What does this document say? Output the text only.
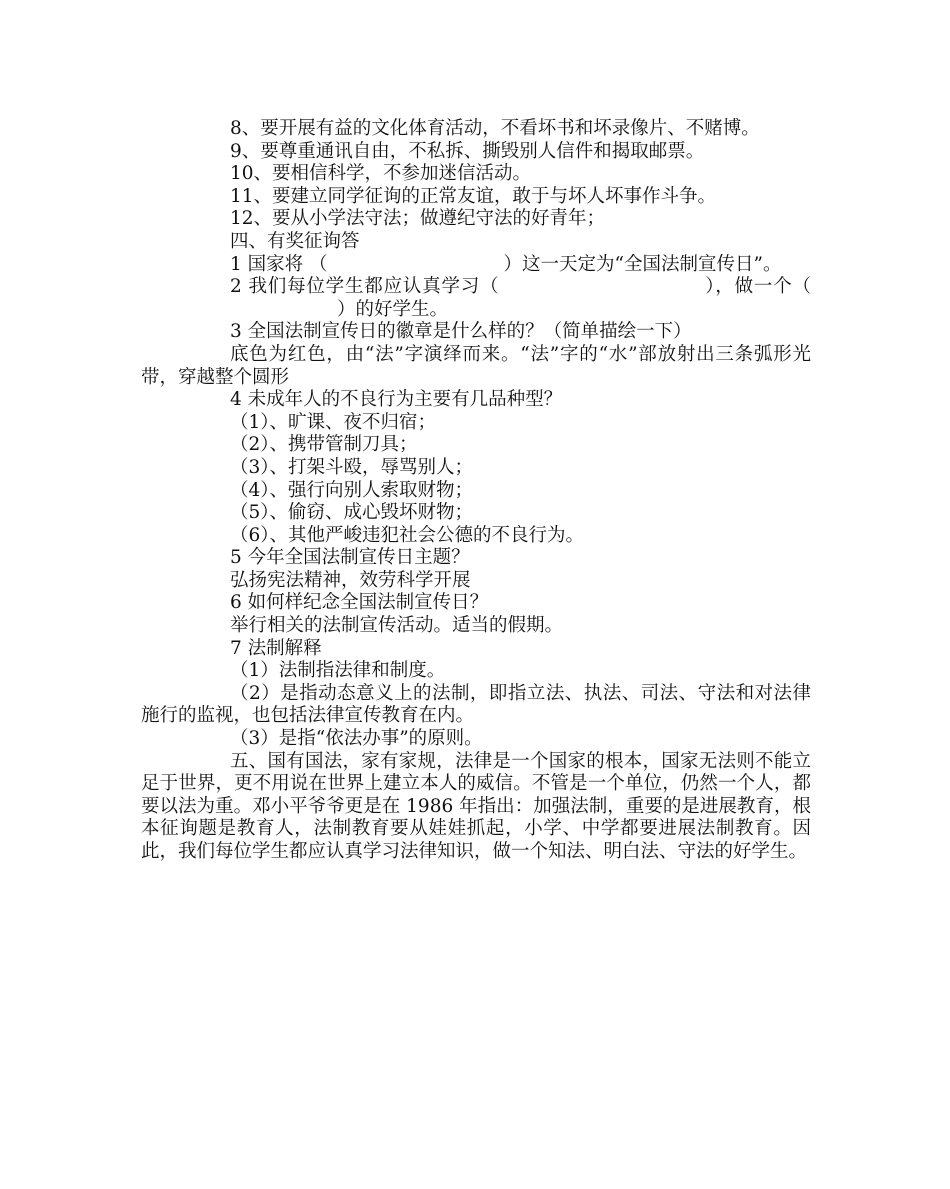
8、要开展有益的文化体育活动，不看坏书和坏录像片、不赌博。

9、要尊重通讯自由，不私拆、撕毁别人信件和揭取邮票。

10、要相信科学，不参加迷信活动。

11、要建立同学征询的正常友谊，敢于与坏人坏事作斗争。

12、要从小学法守法；做遵纪守法的好青年；

四、有奖征询答

1 国家将 （	）这一天定为“全国法制宣传日”。

2 我们每位学生都应认真学习（	），做一个（）的好学生。

3 全国法制宣传日的徽章是什么样的？（简单描绘一下）

底色为红色，由“法”字演绎而来。“法”字的“水”部放射出三条弧形光带，穿越整个圆形

4 未成年人的不良行为主要有几品种型？

（1）、旷课、夜不归宿；

（2）、携带管制刀具；

（3）、打架斗殴，辱骂别人；

（4）、强行向别人索取财物；

（5）、偷窃、成心毁坏财物；

（6）、其他严峻违犯社会公德的不良行为。

5 今年全国法制宣传日主题？

弘扬宪法精神，效劳科学开展

6 如何样纪念全国法制宣传日？

举行相关的法制宣传活动。适当的假期。

7 法制解释

（1）法制指法律和制度。

（2）是指动态意义上的法制，即指立法、执法、司法、守法和对法律施行的监视，也包括法律宣传教育在内。

（3）是指“依法办事”的原则。

五、国有国法，家有家规，法律是一个国家的根本，国家无法则不能立足于世界，更不用说在世界上建立本人的威信。不管是一个单位，仍然一个人，都要以法为重。邓小平爷爷更是在 1986 年指出：加强法制，重要的是进展教育，根本征询题是教育人，法制教育要从娃娃抓起，小学、中学都要进展法制教育。因此，我们每位学生都应认真学习法律知识，做一个知法、明白法、守法的好学生。
